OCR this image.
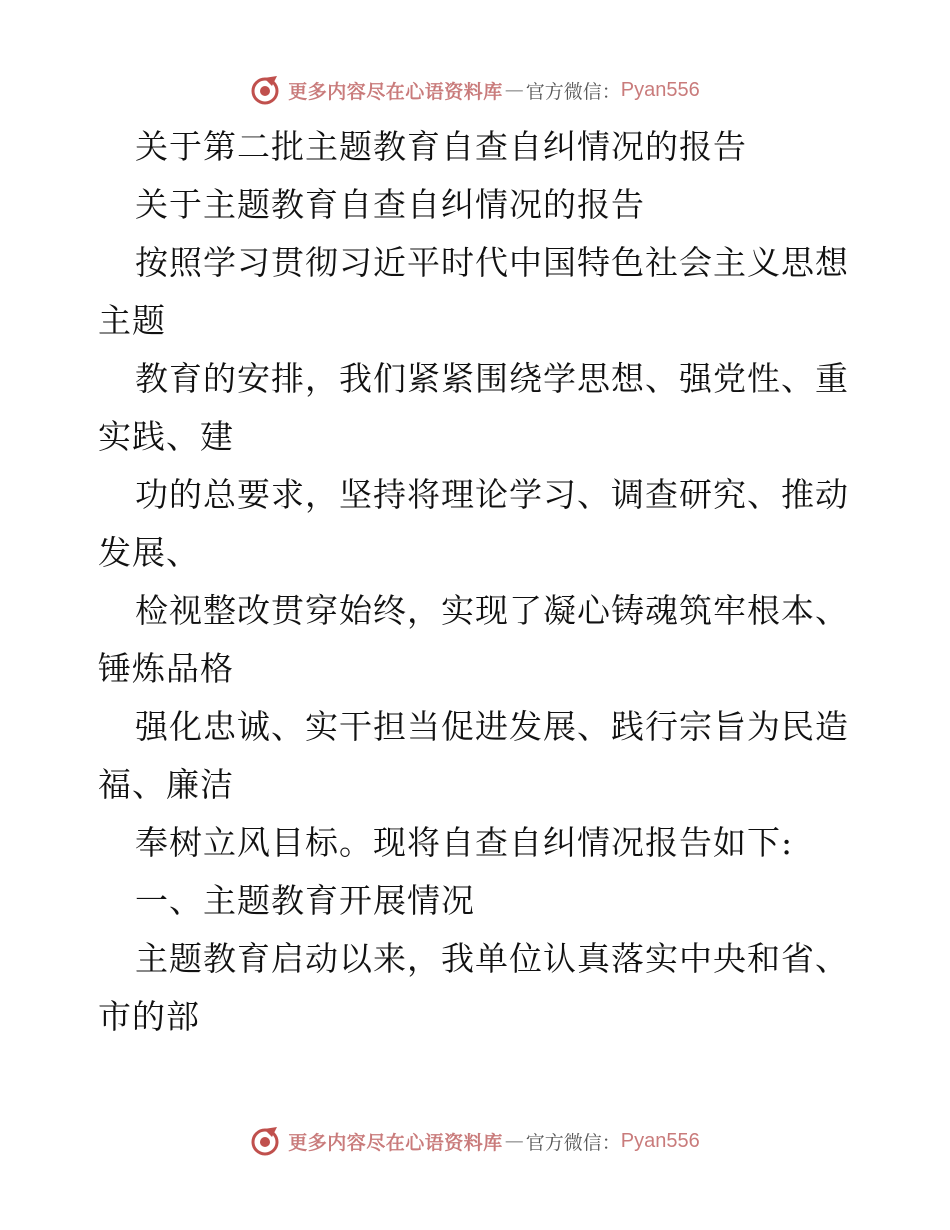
更多内容尽在心语资料库 — 官方微信： Pyan556
关于第二批主题教育自查自纠情况的报告
关于主题教育自查自纠情况的报告
按照学习贯彻习近平时代中国特色社会主义思想
主题
教育的安排，我们紧紧围绕学思想、强党性、重
实践、建
功的总要求，坚持将理论学习、调查研究、推动
发展、
检视整改贯穿始终，实现了凝心铸魂筑牢根本、
锤炼品格
强化忠诚、实干担当促进发展、践行宗旨为民造
福、廉洁
奉树立风目标。现将自查自纠情况报告如下:
一、主题教育开展情况
主题教育启动以来，我单位认真落实中央和省、
市的部
更多内容尽在心语资料库 — 官方微信： Pyan556
